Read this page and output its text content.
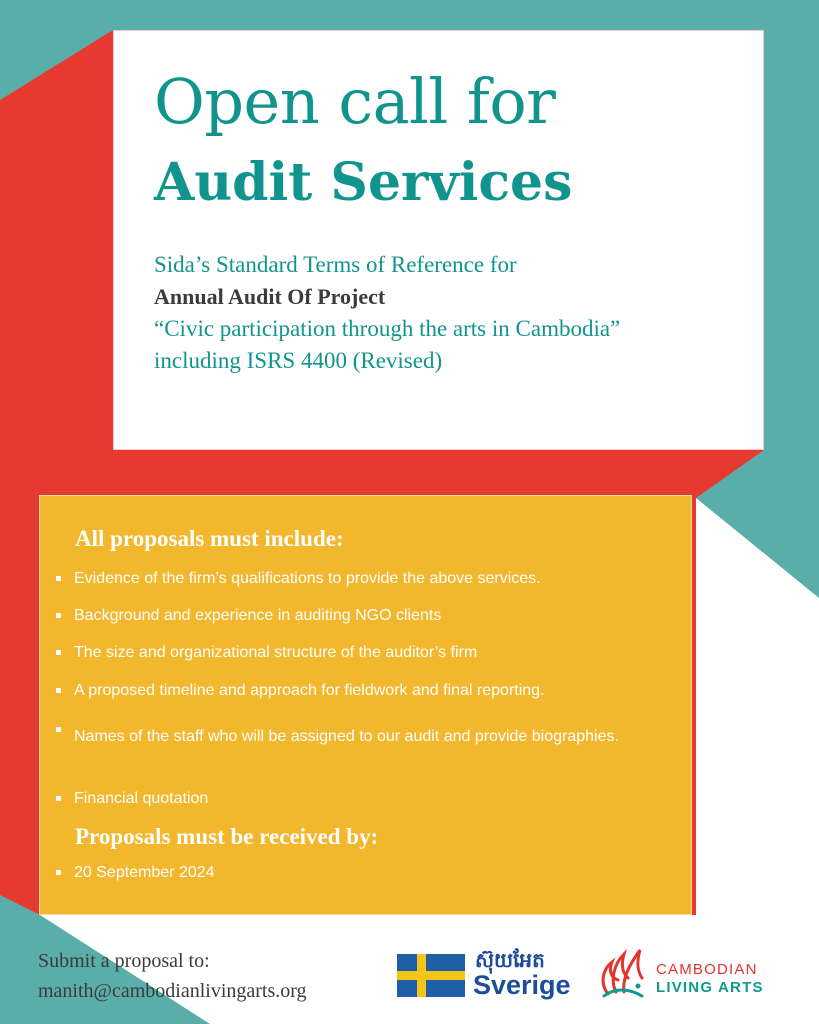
Open call for
Audit Services
Sida’s Standard Terms of Reference for
Annual Audit Of Project
“Civic participation through the arts in Cambodia”
including ISRS 4400 (Revised)
All proposals must include:
Evidence of the firm’s qualifications to provide the above services.
Background and experience in auditing NGO clients
The size and organizational structure of the auditor’s firm
A proposed timeline and approach for fieldwork and final reporting.
Names of the staff who will be assigned to our audit and provide biographies.
Financial quotation
Proposals must be received by:
20 September 2024
Submit a proposal to:
manith@cambodianlivingarts.org

ស៊ុយអែត

Sverige

CAMBODIAN

LIVING ARTS
